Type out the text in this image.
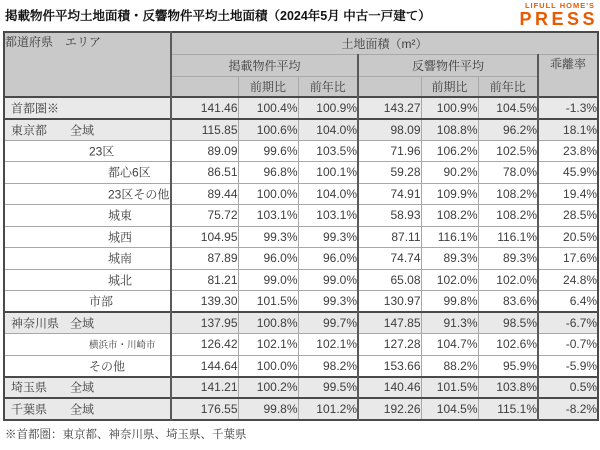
掲載物件平均土地面積・反響物件平均土地面積（2024年5月 中古一戸建て）
LIFULL HOME'S
PRESS
都道府県　エリア	土地面積（m²）						
	掲載物件平均			反響物件平均			乖離率
		前期比	前年比		前期比	前年比	

首都圏※	141.46	100.4%	100.9%	143.27	100.9%	104.5%	-1.3%

東京都 全域	115.85	100.6%	104.0%	98.09	108.8%	96.2%	18.1%

23区	89.09	99.6%	103.5%	71.96	106.2%	102.5%	23.8%

都心6区	86.51	96.8%	100.1%	59.28	90.2%	78.0%	45.9%

23区その他	89.44	100.0%	104.0%	74.91	109.9%	108.2%	19.4%

城東	75.72	103.1%	103.1%	58.93	108.2%	108.2%	28.5%

城西	104.95	99.3%	99.3%	87.11	116.1%	116.1%	20.5%

城南	87.89	96.0%	96.0%	74.74	89.3%	89.3%	17.6%

城北	81.21	99.0%	99.0%	65.08	102.0%	102.0%	24.8%

市部	139.30	101.5%	99.3%	130.97	99.8%	83.6%	6.4%

神奈川県 全域	137.95	100.8%	99.7%	147.85	91.3%	98.5%	-6.7%

横浜市・川崎市	126.42	102.1%	102.1%	127.28	104.7%	102.6%	-0.7%

その他	144.64	100.0%	98.2%	153.66	88.2%	95.9%	-5.9%

埼玉県 全域	141.21	100.2%	99.5%	140.46	101.5%	103.8%	0.5%

千葉県 全域	176.55	99.8%	101.2%	192.26	104.5%	115.1%	-8.2%
※首都圏：東京都、神奈川県、埼玉県、千葉県
